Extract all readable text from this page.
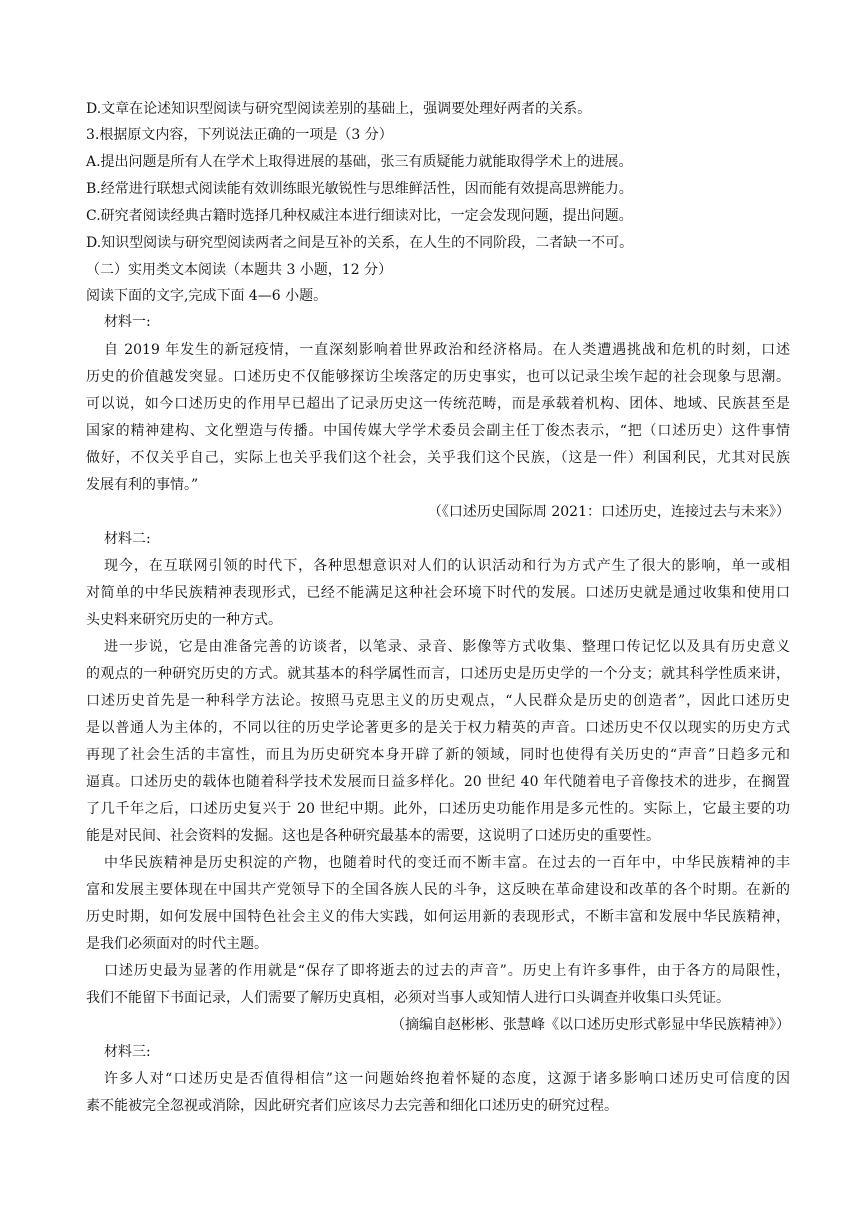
D.文章在论述知识型阅读与研究型阅读差别的基础上，强调要处理好两者的关系。
3.根据原文内容，下列说法正确的一项是（3 分）
A.提出问题是所有人在学术上取得进展的基础，张三有质疑能力就能取得学术上的进展。
B.经常进行联想式阅读能有效训练眼光敏锐性与思维鲜活性，因而能有效提高思辨能力。
C.研究者阅读经典古籍时选择几种权威注本进行细读对比，一定会发现问题，提出问题。
D.知识型阅读与研究型阅读两者之间是互补的关系，在人生的不同阶段，二者缺一不可。
（二）实用类文本阅读（本题共 3 小题，12 分）
阅读下面的文字,完成下面 4—6 小题。
材料一:
自 2019 年发生的新冠疫情，一直深刻影响着世界政治和经济格局。在人类遭遇挑战和危机的时刻，口述
历史的价值越发突显。口述历史不仅能够探访尘埃落定的历史事实，也可以记录尘埃乍起的社会现象与思潮。
可以说，如今口述历史的作用早已超出了记录历史这一传统范畴，而是承载着机构、团体、地域、民族甚至是
国家的精神建构、文化塑造与传播。中国传媒大学学术委员会副主任丁俊杰表示，“把（口述历史）这件事情
做好，不仅关乎自己，实际上也关乎我们这个社会，关乎我们这个民族，（这是一件）利国利民，尤其对民族
发展有利的事情。”
（《口述历史国际周 2021：口述历史，连接过去与未来》）
材料二:
现今，在互联网引领的时代下，各种思想意识对人们的认识活动和行为方式产生了很大的影响，单一或相
对简单的中华民族精神表现形式，已经不能满足这种社会环境下时代的发展。口述历史就是通过收集和使用口
头史料来研究历史的一种方式。
进一步说，它是由准备完善的访谈者，以笔录、录音、影像等方式收集、整理口传记忆以及具有历史意义
的观点的一种研究历史的方式。就其基本的科学属性而言，口述历史是历史学的一个分支；就其科学性质来讲，
口述历史首先是一种科学方法论。按照马克思主义的历史观点，“人民群众是历史的创造者”，因此口述历史
是以普通人为主体的，不同以往的历史学论著更多的是关于权力精英的声音。口述历史不仅以现实的历史方式
再现了社会生活的丰富性，而且为历史研究本身开辟了新的领域，同时也使得有关历史的“声音”日趋多元和
逼真。口述历史的载体也随着科学技术发展而日益多样化。20 世纪 40 年代随着电子音像技术的进步，在搁置
了几千年之后，口述历史复兴于 20 世纪中期。此外，口述历史功能作用是多元性的。实际上，它最主要的功
能是对民间、社会资料的发掘。这也是各种研究最基本的需要，这说明了口述历史的重要性。
中华民族精神是历史积淀的产物，也随着时代的变迁而不断丰富。在过去的一百年中，中华民族精神的丰
富和发展主要体现在中国共产党领导下的全国各族人民的斗争，这反映在革命建设和改革的各个时期。在新的
历史时期，如何发展中国特色社会主义的伟大实践，如何运用新的表现形式，不断丰富和发展中华民族精神，
是我们必须面对的时代主题。
口述历史最为显著的作用就是“保存了即将逝去的过去的声音”。历史上有许多事件，由于各方的局限性，
我们不能留下书面记录，人们需要了解历史真相，必须对当事人或知情人进行口头调查并收集口头凭证。
（摘编自赵彬彬、张慧峰《以口述历史形式彰显中华民族精神》）
材料三:
许多人对“口述历史是否值得相信”这一问题始终抱着怀疑的态度，这源于诸多影响口述历史可信度的因
素不能被完全忽视或消除，因此研究者们应该尽力去完善和细化口述历史的研究过程。
